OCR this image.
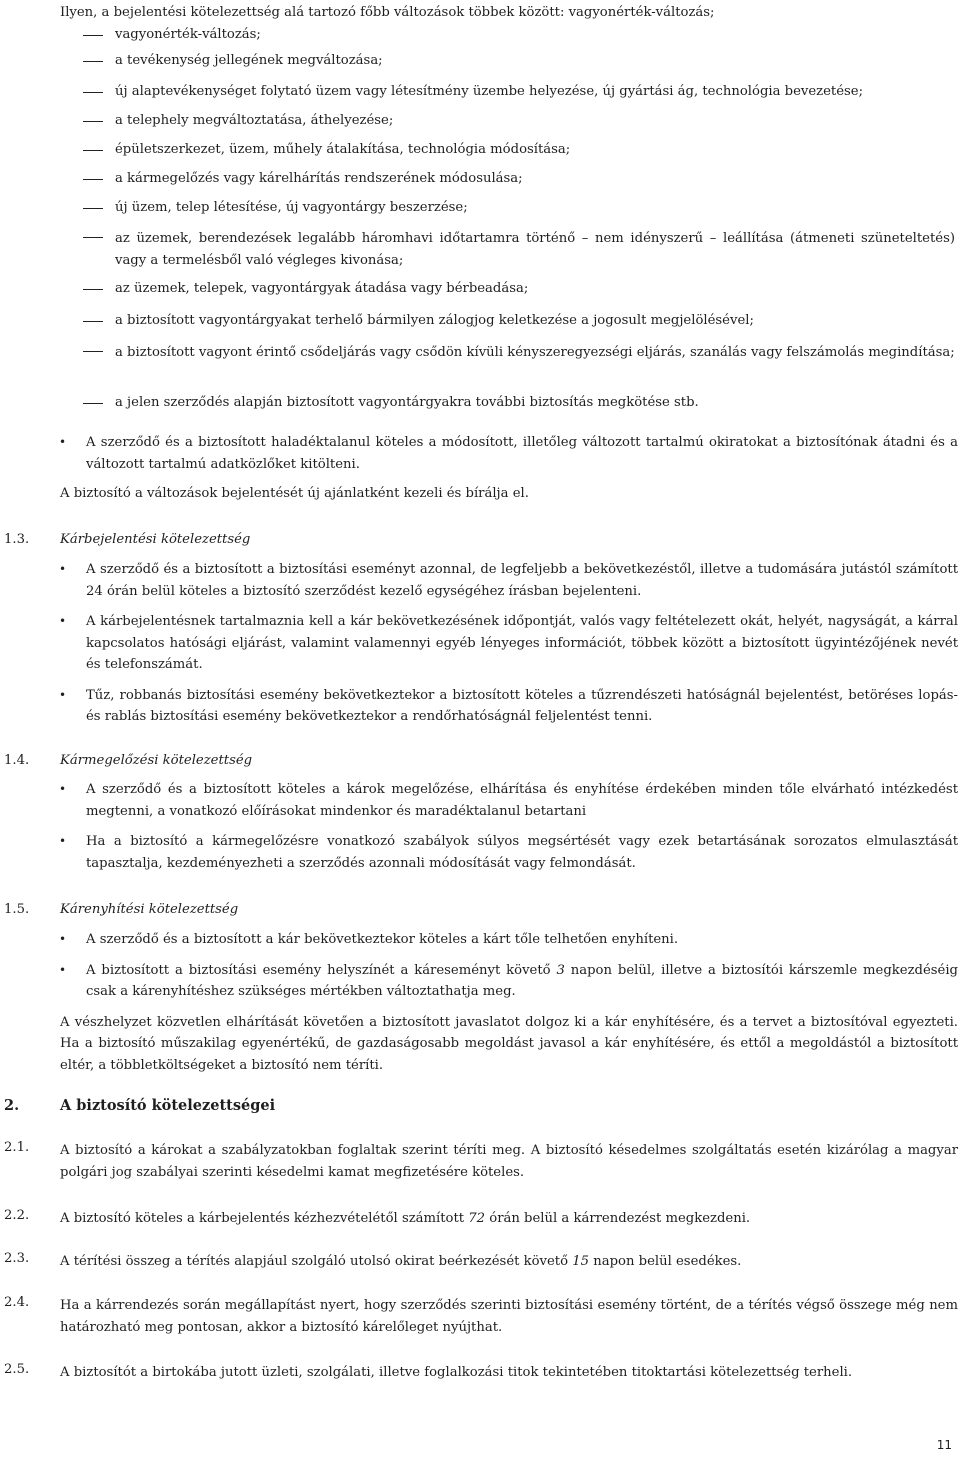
Ilyen, a bejelentési kötelezettség alá tartozó főbb változások többek között: vagyonérték-változás;
vagyonérték-változás;
a tevékenység jellegének megváltozása;
új alaptevékenységet folytató üzem vagy létesítmény üzembe helyezése, új gyártási ág, technológia bevezetése;
a telephely megváltoztatása, áthelyezése;
épületszerkezet, üzem, műhely átalakítása, technológia módosítása;
a kármegelőzés vagy kárelhárítás rendszerének módosulása;
új üzem, telep létesítése, új vagyontárgy beszerzése;
az üzemek, berendezések legalább háromhavi időtartamra történő – nem idényszerű – leállítása (átmeneti szüneteltetés) vagy a termelésből való végleges kivonása;
az üzemek, telepek, vagyontárgyak átadása vagy bérbeadása;
a biztosított vagyontárgyakat terhelő bármilyen zálogjog keletkezése a jogosult megjelölésével;
a biztosított vagyont érintő csődeljárás vagy csődön kívüli kényszeregyezségi eljárás, szanálás vagy felszámolás megindítása;
a jelen szerződés alapján biztosított vagyontárgyakra további biztosítás megkötése stb.
• A szerződő és a biztosított haladéktalanul köteles a módosított, illetőleg változott tartalmú okiratokat a biztosítónak átadni és a változott tartalmú adatközlőket kitölteni.
A biztosító a változások bejelentését új ajánlatként kezeli és bírálja el.
1.3. Kárbejelentési kötelezettség
• A szerződő és a biztosított a biztosítási eseményt azonnal, de legfeljebb a bekövetkezéstől, illetve a tudomására jutástól számított 24 órán belül köteles a biztosító szerződést kezelő egységéhez írásban bejelenteni.
• A kárbejelentésnek tartalmaznia kell a kár bekövetkezésének időpontját, valós vagy feltételezett okát, helyét, nagyságát, a kárral kapcsolatos hatósági eljárást, valamint valamennyi egyéb lényeges információt, többek között a biztosított ügyintézőjének nevét és telefonszámát.
• Tűz, robbanás biztosítási esemény bekövetkeztekor a biztosított köteles a tűzrendészeti hatóságnál bejelentést, betöréses lopás- és rablás biztosítási esemény bekövetkeztekor a rendőrhatóságnál feljelentést tenni.
1.4. Kármegelőzési kötelezettség
• A szerződő és a biztosított köteles a károk megelőzése, elhárítása és enyhítése érdekében minden tőle elvárható intézkedést megtenni, a vonatkozó előírásokat mindenkor és maradéktalanul betartani
• Ha a biztosító a kármegelőzésre vonatkozó szabályok súlyos megsértését vagy ezek betartásának sorozatos elmulasztását tapasztalja, kezdeményezheti a szerződés azonnali módosítását vagy felmondását.
1.5. Kárenyhítési kötelezettség
• A szerződő és a biztosított a kár bekövetkeztekor köteles a kárt tőle telhetően enyhíteni.
• A biztosított a biztosítási esemény helyszínét a káreseményt követő 3 napon belül, illetve a biztosítói kárszemle megkezdéséig csak a kárenyhítéshez szükséges mértékben változtathatja meg.
A vészhelyzet közvetlen elhárítását követően a biztosított javaslatot dolgoz ki a kár enyhítésére, és a tervet a biztosítóval egyezteti. Ha a biztosító műszakilag egyenértékű, de gazdaságosabb megoldást javasol a kár enyhítésére, és ettől a megoldástól a biztosított eltér, a többletköltségeket a biztosító nem téríti.
2.	A biztosító kötelezettségei
2.1. A biztosító a károkat a szabályzatokban foglaltak szerint téríti meg. A biztosító késedelmes szolgáltatás esetén kizárólag a magyar polgári jog szabályai szerinti késedelmi kamat megfizetésére köteles.
2.2. A biztosító köteles a kárbejelentés kézhezvételétől számított 72 órán belül a kárrendezést megkezdeni.
2.3. A térítési összeg a térítés alapjául szolgáló utolsó okirat beérkezését követő 15 napon belül esedékes.
2.4. Ha a kárrendezés során megállapítást nyert, hogy szerződés szerinti biztosítási esemény történt, de a térítés végső összege még nem határozható meg pontosan, akkor a biztosító kárelőleget nyújthat.
2.5. A biztosítót a birtokába jutott üzleti, szolgálati, illetve foglalkozási titok tekintetében titoktartási kötelezettség terheli.
11
